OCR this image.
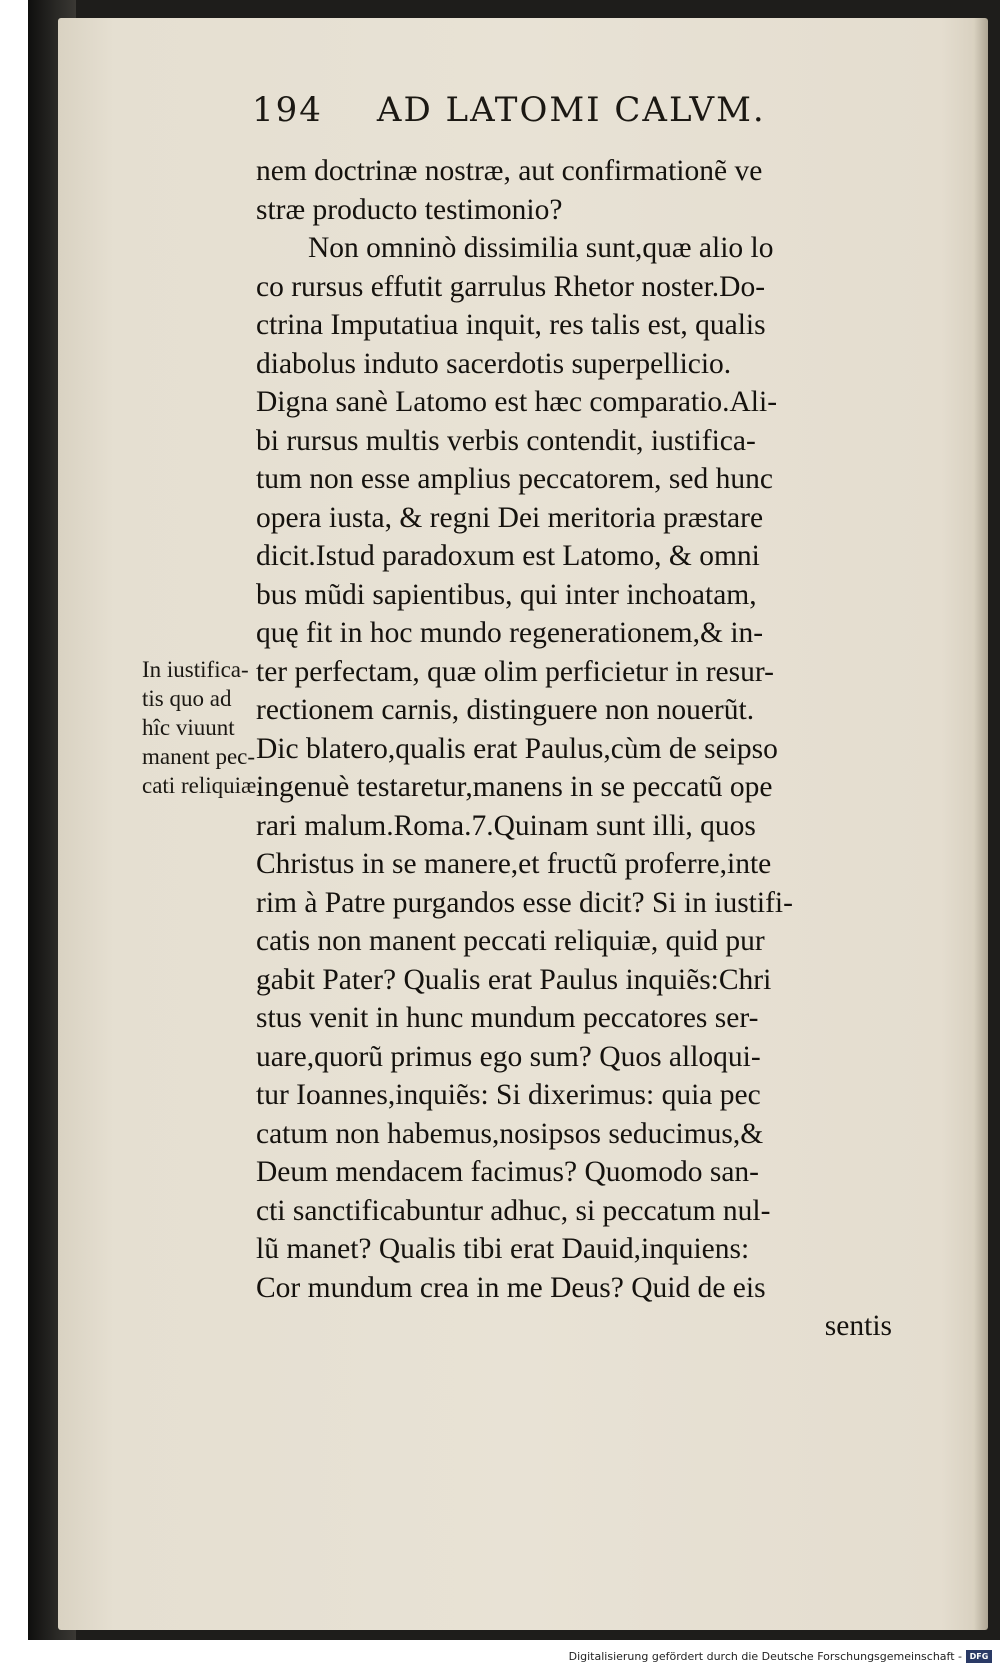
194 AD LATOMI CALVM.
In iustifica-
tis quo ad
hîc viuunt
manent pec-
cati reliquiæ.
nem doctrinæ nostræ, aut confirmationẽ ve
stræ producto testimonio?
Non omninò dissimilia sunt,quæ alio lo
co rursus effutit garrulus Rhetor noster.Do-
ctrina Imputatiua inquit, res talis est, qualis
diabolus induto sacerdotis superpellicio.
Digna sanè Latomo est hæc comparatio.Ali-
bi rursus multis verbis contendit, iustifica-
tum non esse amplius peccatorem, sed hunc
opera iusta, & regni Dei meritoria præstare
dicit.Istud paradoxum est Latomo, & omni
bus mũdi sapientibus, qui inter inchoatam,
quę fit in hoc mundo regenerationem,& in-
ter perfectam, quæ olim perficietur in resur-
rectionem carnis, distinguere non nouerũt.
Dic blatero,qualis erat Paulus,cùm de seipso
ingenuè testaretur,manens in se peccatũ ope
rari malum.Roma.7.Quinam sunt illi, quos
Christus in se manere,et fructũ proferre,inte
rim à Patre purgandos esse dicit? Si in iustifi-
catis non manent peccati reliquiæ, quid pur
gabit Pater? Qualis erat Paulus inquiẽs:Chri
stus venit in hunc mundum peccatores ser-
uare,quorũ primus ego sum? Quos alloqui-
tur Ioannes,inquiẽs: Si dixerimus: quia pec
catum non habemus,nosipsos seducimus,&
Deum mendacem facimus? Quomodo san-
cti sanctificabuntur adhuc, si peccatum nul-
lũ manet? Qualis tibi erat Dauid,inquiens:
Cor mundum crea in me Deus? Quid de eis
sentis
Digitalisierung gefördert durch die Deutsche Forschungsgemeinschaft - DFG
